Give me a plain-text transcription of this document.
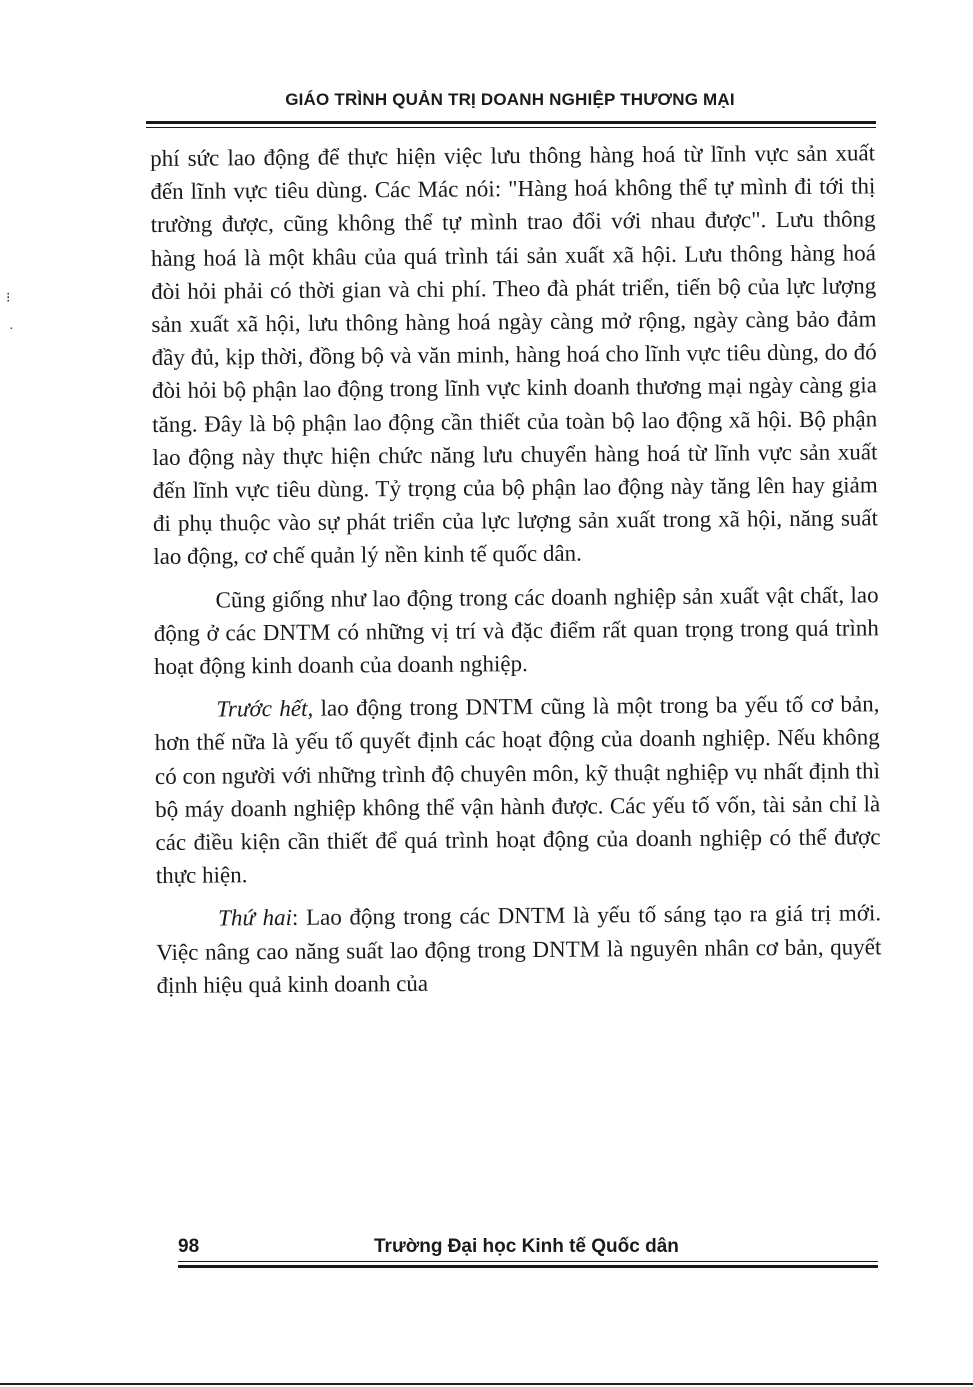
GIÁO TRÌNH QUẢN TRỊ DOANH NGHIỆP THƯƠNG MẠI
⁝
·

phí sức lao động để thực hiện việc lưu thông hàng hoá từ lĩnh vực sản xuất đến lĩnh vực tiêu dùng. Các Mác nói: "Hàng hoá không thể tự mình đi tới thị trường được, cũng không thể tự mình trao đổi với nhau được". Lưu thông hàng hoá là một khâu của quá trình tái sản xuất xã hội. Lưu thông hàng hoá đòi hỏi phải có thời gian và chi phí. Theo đà phát triển, tiến bộ của lực lượng sản xuất xã hội, lưu thông hàng hoá ngày càng mở rộng, ngày càng bảo đảm đầy đủ, kịp thời, đồng bộ và văn minh, hàng hoá cho lĩnh vực tiêu dùng, do đó đòi hỏi bộ phận lao động trong lĩnh vực kinh doanh thương mại ngày càng gia tăng. Đây là bộ phận lao động cần thiết của toàn bộ lao động xã hội. Bộ phận lao động này thực hiện chức năng lưu chuyển hàng hoá từ lĩnh vực sản xuất đến lĩnh vực tiêu dùng. Tỷ trọng của bộ phận lao động này tăng lên hay giảm đi phụ thuộc vào sự phát triển của lực lượng sản xuất trong xã hội, năng suất lao động, cơ chế quản lý nền kinh tế quốc dân.

Cũng giống như lao động trong các doanh nghiệp sản xuất vật chất, lao động ở các DNTM có những vị trí và đặc điểm rất quan trọng trong quá trình hoạt động kinh doanh của doanh nghiệp.

Trước hết, lao động trong DNTM cũng là một trong ba yếu tố cơ bản, hơn thế nữa là yếu tố quyết định các hoạt động của doanh nghiệp. Nếu không có con người với những trình độ chuyên môn, kỹ thuật nghiệp vụ nhất định thì bộ máy doanh nghiệp không thể vận hành được. Các yếu tố vốn, tài sản chỉ là các điều kiện cần thiết để quá trình hoạt động của doanh nghiệp có thể được thực hiện.

Thứ hai: Lao động trong các DNTM là yếu tố sáng tạo ra giá trị mới. Việc nâng cao năng suất lao động trong DNTM là nguyên nhân cơ bản, quyết định hiệu quả kinh doanh của

98	Trường Đại học Kinh tế Quốc dân
